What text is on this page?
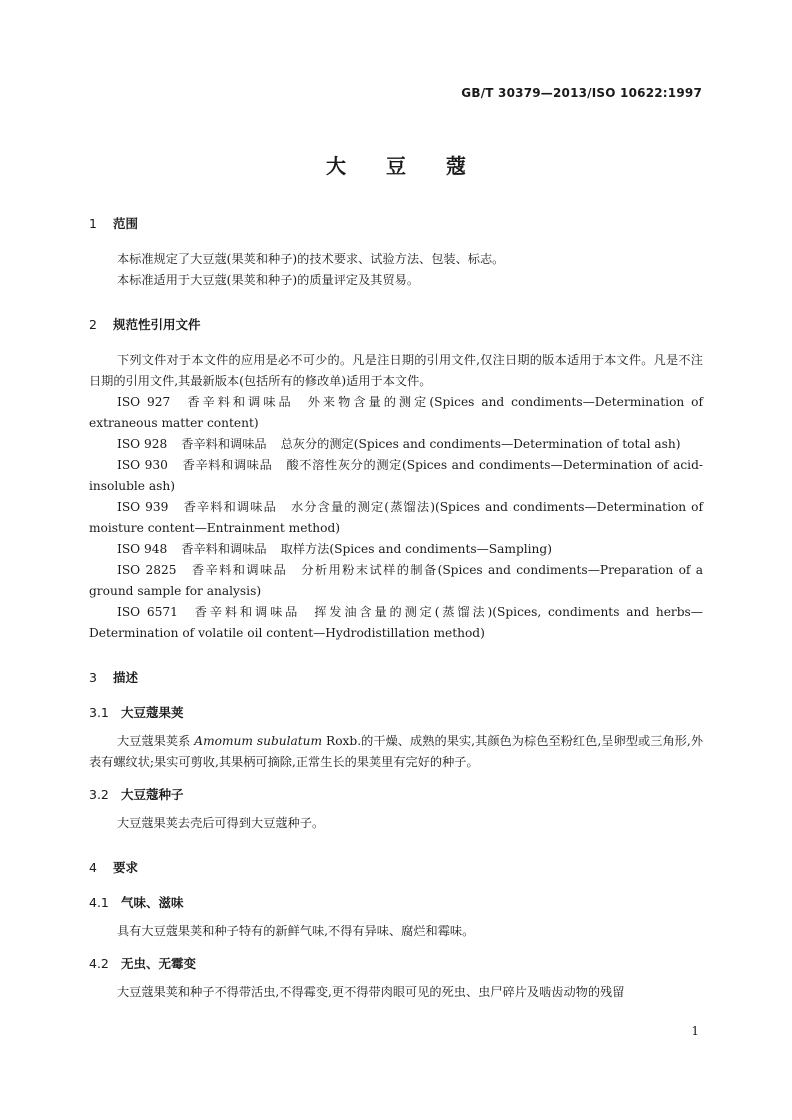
GB/T 30379—2013/ISO 10622:1997
大豆蔻
1 范围

本标准规定了大豆蔻(果荚和种子)的技术要求、试验方法、包装、标志。

本标准适用于大豆蔻(果荚和种子)的质量评定及其贸易。

2 规范性引用文件

下列文件对于本文件的应用是必不可少的。凡是注日期的引用文件,仅注日期的版本适用于本文件。凡是不注日期的引用文件,其最新版本(包括所有的修改单)适用于本文件。

ISO 927 香辛料和调味品 外来物含量的测定(Spices and condiments—Determination of extraneous matter content)

ISO 928 香辛料和调味品 总灰分的测定(Spices and condiments—Determination of total ash)

ISO 930 香辛料和调味品 酸不溶性灰分的测定(Spices and condiments—Determination of acid-insoluble ash)

ISO 939 香辛料和调味品 水分含量的测定(蒸馏法)(Spices and condiments—Determination of moisture content—Entrainment method)

ISO 948 香辛料和调味品 取样方法(Spices and condiments—Sampling)

ISO 2825 香辛料和调味品 分析用粉末试样的制备(Spices and condiments—Preparation of a ground sample for analysis)

ISO 6571 香辛料和调味品 挥发油含量的测定(蒸馏法)(Spices, condiments and herbs—Determination of volatile oil content—Hydrodistillation method)

3 描述
3.1 大豆蔻果荚

大豆蔻果荚系 Amomum subulatum Roxb.的干燥、成熟的果实,其颜色为棕色至粉红色,呈卵型或三角形,外表有螺纹状;果实可剪收,其果柄可摘除,正常生长的果荚里有完好的种子。

3.2 大豆蔻种子

大豆蔻果荚去壳后可得到大豆蔻种子。

4 要求
4.1 气味、滋味

具有大豆蔻果荚和种子特有的新鲜气味,不得有异味、腐烂和霉味。

4.2 无虫、无霉变

大豆蔻果荚和种子不得带活虫,不得霉变,更不得带肉眼可见的死虫、虫尸碎片及啮齿动物的残留

1
